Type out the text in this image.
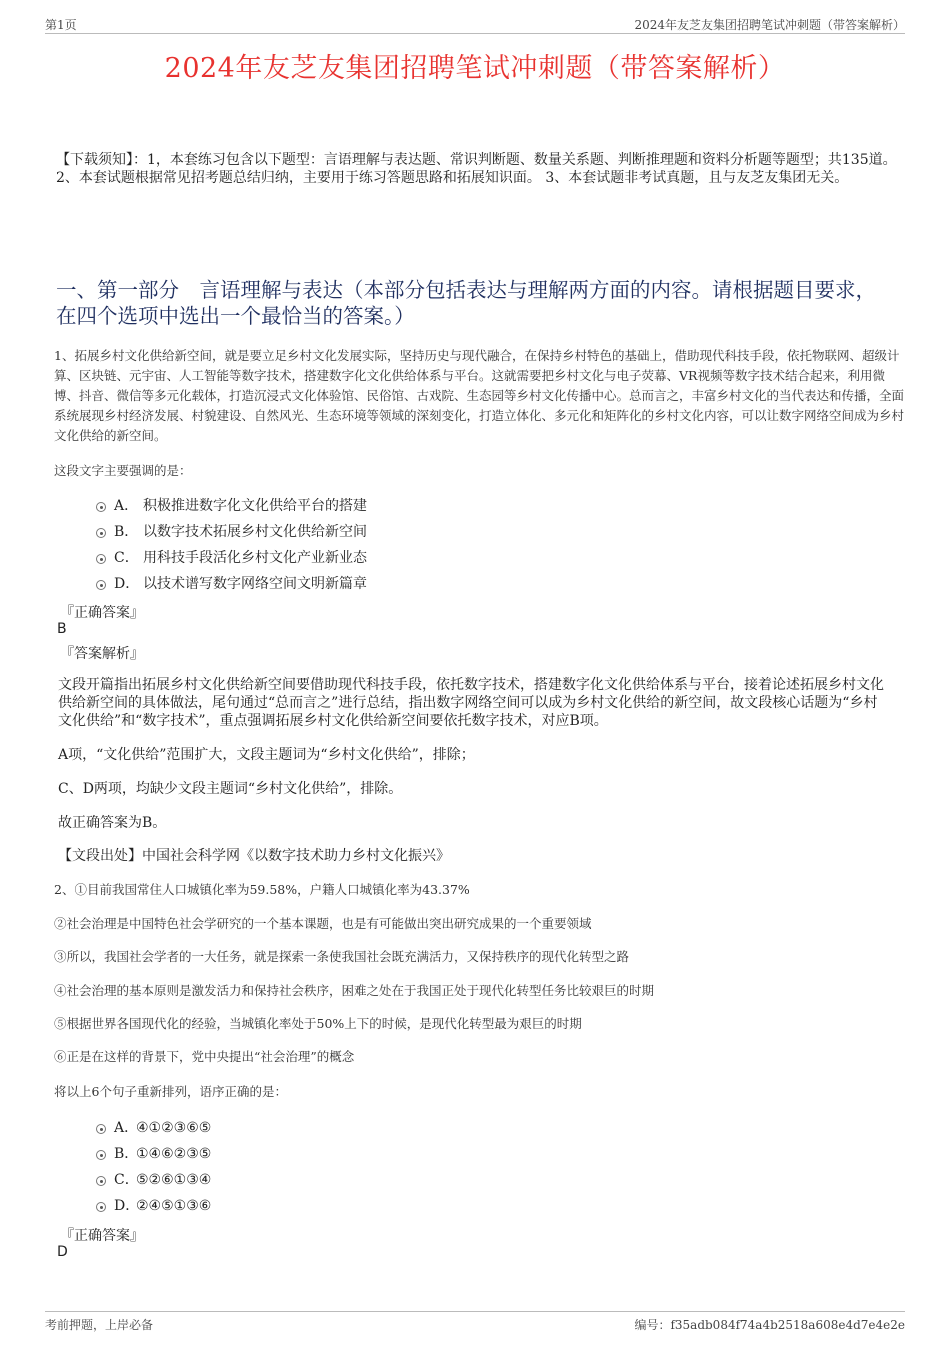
第1页	2024年友芝友集团招聘笔试冲刺题（带答案解析）
2024年友芝友集团招聘笔试冲刺题（带答案解析）
【下载须知】：1，本套练习包含以下题型：言语理解与表达题、常识判断题、数量关系题、判断推理题和资料分析题等题型；共135道。 2、本套试题根据常见招考题总结归纳，主要用于练习答题思路和拓展知识面。 3、本套试题非考试真题，且与友芝友集团无关。
一、第一部分　言语理解与表达（本部分包括表达与理解两方面的内容。请根据题目要求，在四个选项中选出一个最恰当的答案。）
1、拓展乡村文化供给新空间，就是要立足乡村文化发展实际，坚持历史与现代融合，在保持乡村特色的基础上，借助现代科技手段，依托物联网、超级计算、区块链、元宇宙、人工智能等数字技术，搭建数字化文化供给体系与平台。这就需要把乡村文化与电子荧幕、VR视频等数字技术结合起来，利用微博、抖音、微信等多元化载体，打造沉浸式文化体验馆、民俗馆、古戏院、生态园等乡村文化传播中心。总而言之，丰富乡村文化的当代表达和传播，全面系统展现乡村经济发展、村貌建设、自然风光、生态环境等领域的深刻变化，打造立体化、多元化和矩阵化的乡村文化内容，可以让数字网络空间成为乡村文化供给的新空间。
这段文字主要强调的是：
A． 积极推进数字化文化供给平台的搭建
B． 以数字技术拓展乡村文化供给新空间
C． 用科技手段活化乡村文化产业新业态
D． 以技术谱写数字网络空间文明新篇章
『正确答案』
B
『答案解析』
文段开篇指出拓展乡村文化供给新空间要借助现代科技手段，依托数字技术，搭建数字化文化供给体系与平台，接着论述拓展乡村文化供给新空间的具体做法，尾句通过“总而言之”进行总结，指出数字网络空间可以成为乡村文化供给的新空间，故文段核心话题为“乡村文化供给”和“数字技术”，重点强调拓展乡村文化供给新空间要依托数字技术，对应B项。
A项，“文化供给”范围扩大，文段主题词为“乡村文化供给”，排除；
C、D两项，均缺少文段主题词“乡村文化供给”，排除。
故正确答案为B。
【文段出处】中国社会科学网《以数字技术助力乡村文化振兴》
2、①目前我国常住人口城镇化率为59.58%，户籍人口城镇化率为43.37%
②社会治理是中国特色社会学研究的一个基本课题，也是有可能做出突出研究成果的一个重要领域
③所以，我国社会学者的一大任务，就是探索一条使我国社会既充满活力，又保持秩序的现代化转型之路
④社会治理的基本原则是激发活力和保持社会秩序，困难之处在于我国正处于现代化转型任务比较艰巨的时期
⑤根据世界各国现代化的经验，当城镇化率处于50%上下的时候，是现代化转型最为艰巨的时期
⑥正是在这样的背景下，党中央提出“社会治理”的概念
将以上6个句子重新排列，语序正确的是：
A．
④①②③⑥⑤
B．
①④⑥②③⑤
C．
⑤②⑥①③④
D．
②④⑤①③⑥
『正确答案』
D
考前押题，上岸必备	编号：f35adb084f74a4b2518a608e4d7e4e2e
